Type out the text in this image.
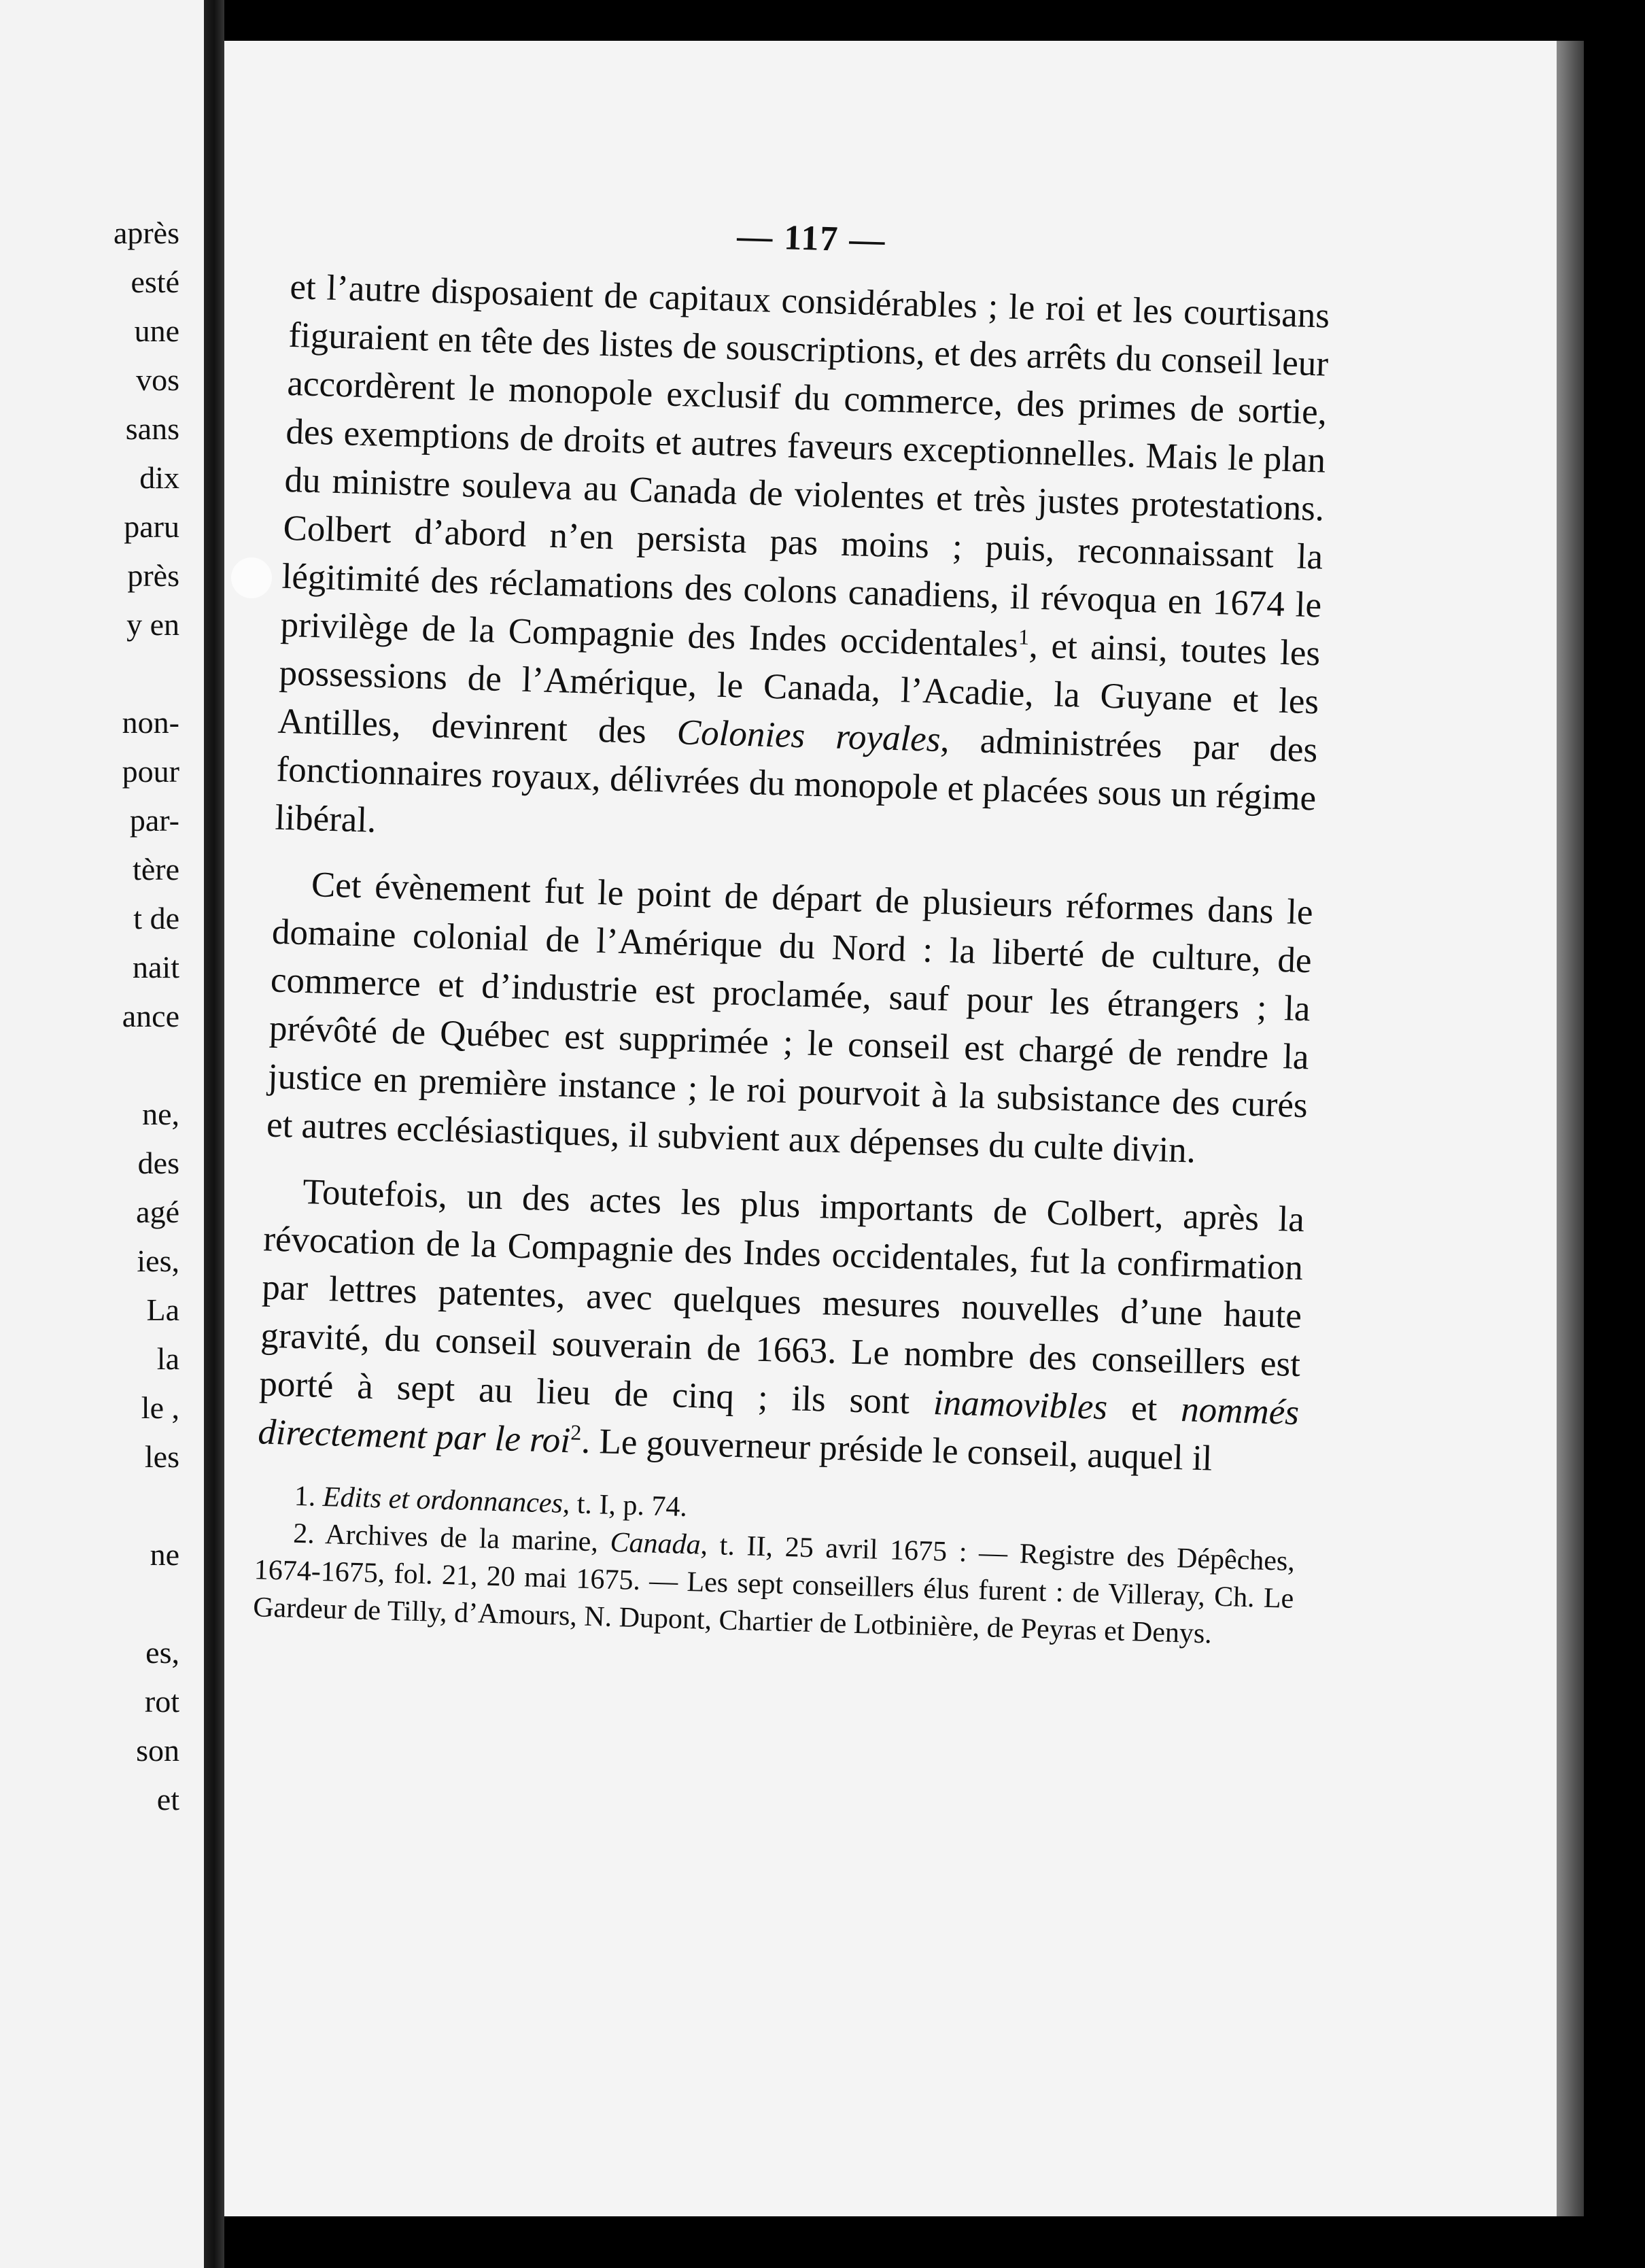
après
esté
une
vos
sans
dix
paru
près
y en
non-
pour
par-
tère
t de
nait
ance
ne,
des
agé
ies,
La
la
le ,
les
ne
es,
rot
son
et
— 117 —

et l’autre disposaient de capitaux considérables ; le roi et les courtisans figuraient en tête des listes de souscriptions, et des arrêts du conseil leur accordèrent le monopole exclusif du commerce, des primes de sortie, des exemptions de droits et autres faveurs exceptionnelles. Mais le plan du ministre souleva au Canada de violentes et très justes protestations. Colbert d’abord n’en persista pas moins ; puis, reconnaissant la légitimité des réclamations des colons canadiens, il révoqua en 1674 le privilège de la Compagnie des Indes occidentales$^1$, et ainsi, toutes les possessions de l’Amérique, le Canada, l’Acadie, la Guyane et les Antilles, devinrent des Colonies royales, administrées par des fonctionnaires royaux, délivrées du monopole et placées sous un régime libéral.

Cet évènement fut le point de départ de plusieurs réformes dans le domaine colonial de l’Amérique du Nord : la liberté de culture, de commerce et d’industrie est proclamée, sauf pour les étrangers ; la prévôté de Québec est supprimée ; le conseil est chargé de rendre la justice en première instance ; le roi pourvoit à la subsistance des curés et autres ecclésiastiques, il subvient aux dépenses du culte divin.

Toutefois, un des actes les plus importants de Colbert, après la révocation de la Compagnie des Indes occidentales, fut la confirmation par lettres patentes, avec quelques mesures nouvelles d’une haute gravité, du conseil souverain de 1663. Le nombre des conseillers est porté à sept au lieu de cinq ; ils sont inamovibles et nommés directement par le roi$^2$. Le gouverneur préside le conseil, auquel il

1. Edits et ordonnances, t. I, p. 74.

2. Archives de la marine, Canada, t. II, 25 avril 1675 : — Registre des Dépêches, 1674-1675, fol. 21, 20 mai 1675. — Les sept conseillers élus furent : de Villeray, Ch. Le Gardeur de Tilly, d’Amours, N. Dupont, Chartier de Lotbinière, de Peyras et Denys.
